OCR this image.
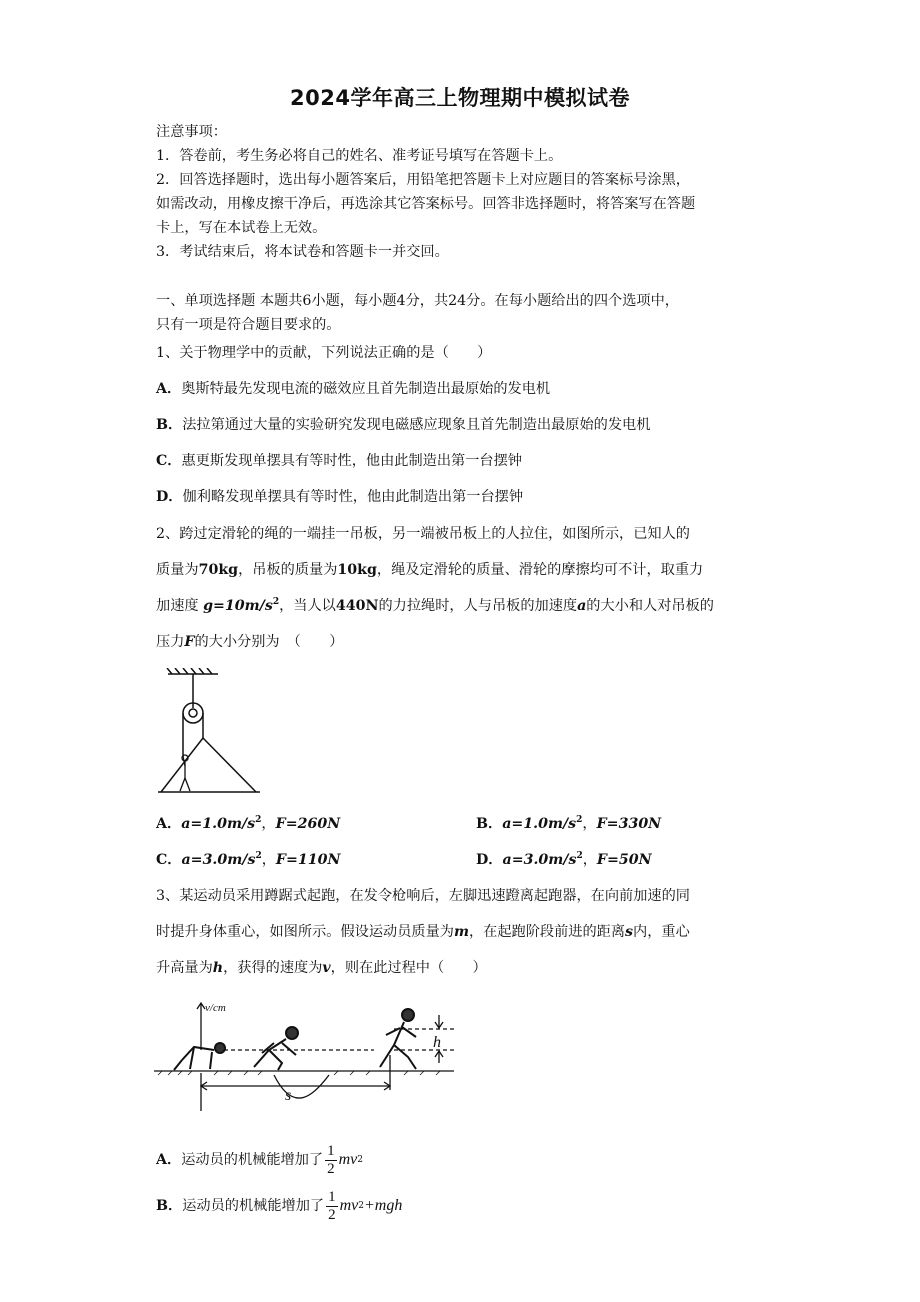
2024学年高三上物理期中模拟试卷
注意事项：
1．答卷前，考生务必将自己的姓名、准考证号填写在答题卡上。
2．回答选择题时，选出每小题答案后，用铅笔把答题卡上对应题目的答案标号涂黑，
如需改动，用橡皮擦干净后，再选涂其它答案标号。回答非选择题时，将答案写在答题
卡上，写在本试卷上无效。
3．考试结束后，将本试卷和答题卡一并交回。
一、单项选择题 本题共6小题，每小题4分，共24分。在每小题给出的四个选项中，
只有一项是符合题目要求的。
1、关于物理学中的贡献，下列说法正确的是（　　）
A．奥斯特最先发现电流的磁效应且首先制造出最原始的发电机
B．法拉第通过大量的实验研究发现电磁感应现象且首先制造出最原始的发电机
C．惠更斯发现单摆具有等时性，他由此制造出第一台摆钟
D．伽利略发现单摆具有等时性，他由此制造出第一台摆钟
2、跨过定滑轮的绳的一端挂一吊板，另一端被吊板上的人拉住，如图所示，已知人的
质量为70kg，吊板的质量为10kg，绳及定滑轮的质量、滑轮的摩擦均可不计，取重力
加速度 $g=10m/s^2$，当人以440N的力拉绳时，人与吊板的加速度a的大小和人对吊板的
压力F的大小分别为　（　　）
A．$a=1.0m/s^2$，F=260N	B．$a=1.0m/s^2$，F=330N
C．$a=3.0m/s^2$，F=110N	D．$a=3.0m/s^2$，F=50N
3、某运动员采用蹲踞式起跑，在发令枪响后，左脚迅速蹬离起跑器，在向前加速的同
时提升身体重心，如图所示。假设运动员质量为m，在起跑阶段前进的距离s内，重心
升高量为h，获得的速度为v，则在此过程中（　　）
v/cm
h
s
A． 运动员的机械能增加了 $\frac{1}{2}$ mv 2
B． 运动员的机械能增加了 $\frac{1}{2}$ mv 2 +mgh
